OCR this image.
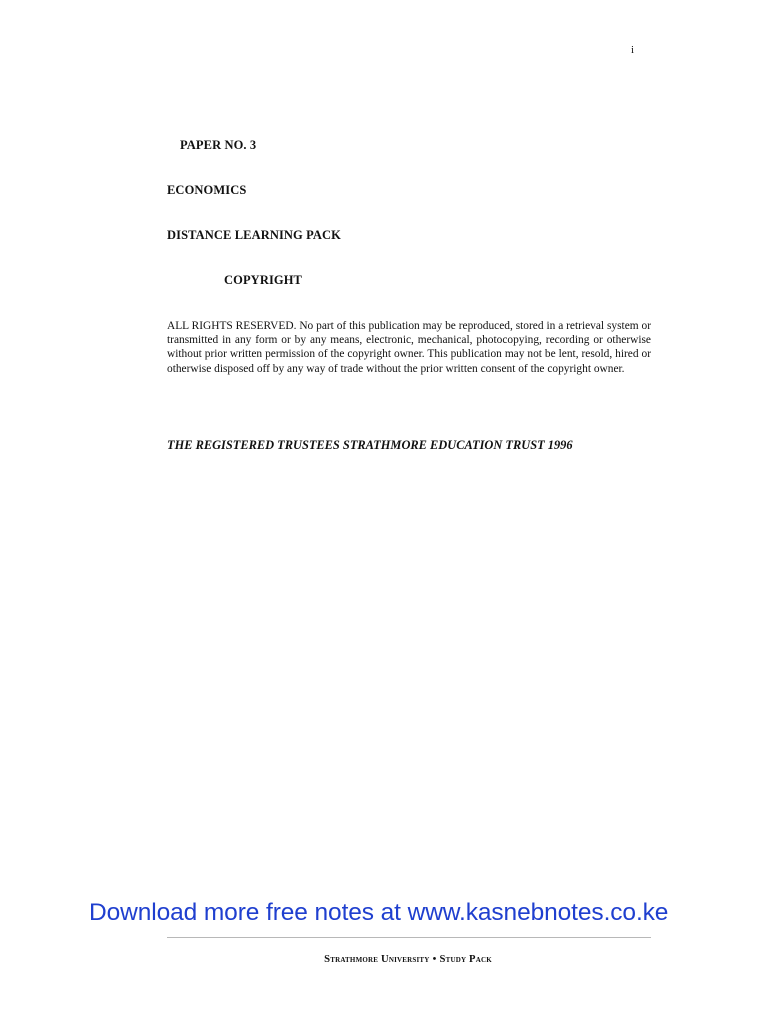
i
PAPER NO. 3
ECONOMICS
DISTANCE LEARNING PACK
COPYRIGHT

ALL RIGHTS RESERVED. No part of this publication may be reproduced, stored in a retrieval system or transmitted in any form or by any means, electronic, mechanical, photocopying, recording or otherwise without prior written permission of the copyright owner. This publication may not be lent, resold, hired or otherwise disposed off by any way of trade without the prior written consent of the copyright owner.

THE REGISTERED TRUSTEES STRATHMORE EDUCATION TRUST 1996
Download more free notes at www.kasnebnotes.co.ke
Strathmore University • Study Pack
